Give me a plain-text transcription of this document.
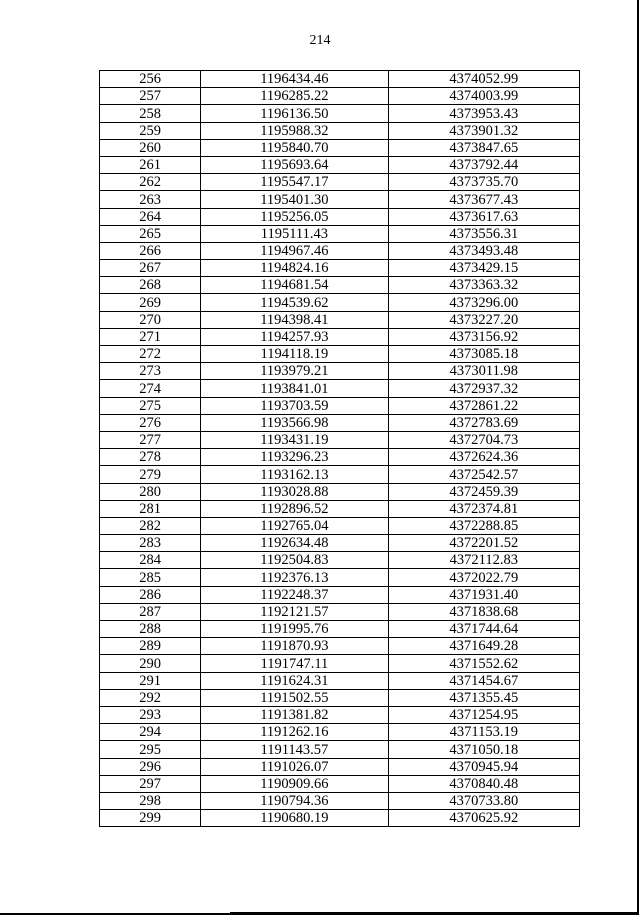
214
256	1196434.46	4374052.99
257	1196285.22	4374003.99
258	1196136.50	4373953.43
259	1195988.32	4373901.32
260	1195840.70	4373847.65
261	1195693.64	4373792.44
262	1195547.17	4373735.70
263	1195401.30	4373677.43
264	1195256.05	4373617.63
265	1195111.43	4373556.31
266	1194967.46	4373493.48
267	1194824.16	4373429.15
268	1194681.54	4373363.32
269	1194539.62	4373296.00
270	1194398.41	4373227.20
271	1194257.93	4373156.92
272	1194118.19	4373085.18
273	1193979.21	4373011.98
274	1193841.01	4372937.32
275	1193703.59	4372861.22
276	1193566.98	4372783.69
277	1193431.19	4372704.73
278	1193296.23	4372624.36
279	1193162.13	4372542.57
280	1193028.88	4372459.39
281	1192896.52	4372374.81
282	1192765.04	4372288.85
283	1192634.48	4372201.52
284	1192504.83	4372112.83
285	1192376.13	4372022.79
286	1192248.37	4371931.40
287	1192121.57	4371838.68
288	1191995.76	4371744.64
289	1191870.93	4371649.28
290	1191747.11	4371552.62
291	1191624.31	4371454.67
292	1191502.55	4371355.45
293	1191381.82	4371254.95
294	1191262.16	4371153.19
295	1191143.57	4371050.18
296	1191026.07	4370945.94
297	1190909.66	4370840.48
298	1190794.36	4370733.80
299	1190680.19	4370625.92
